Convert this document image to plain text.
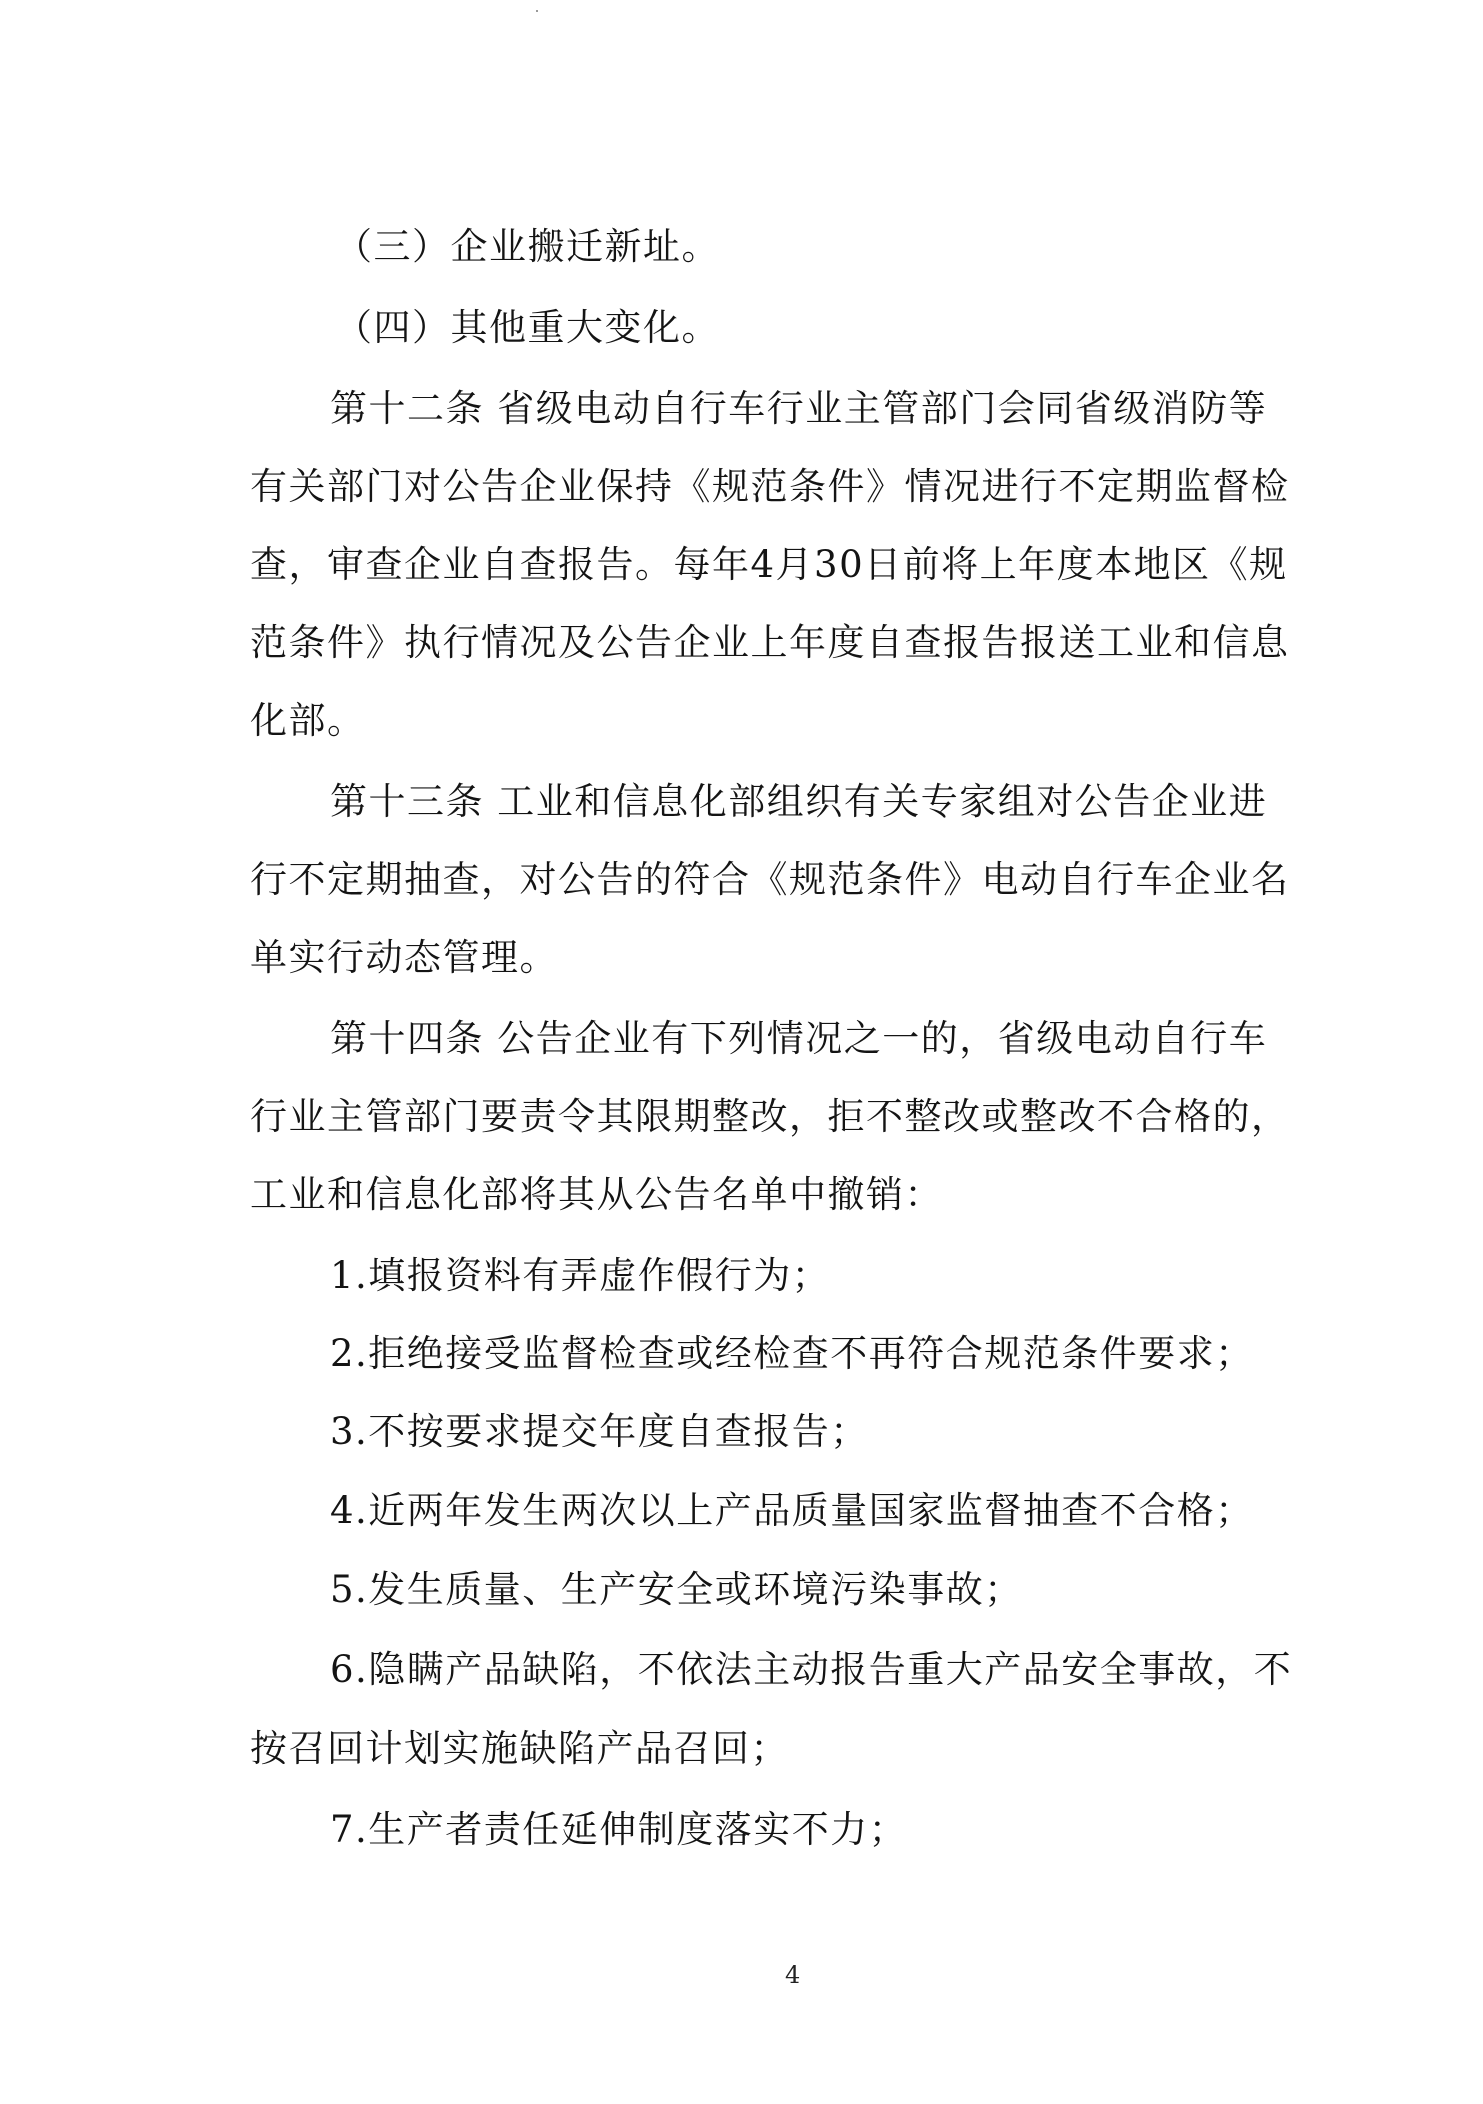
（三）企业搬迁新址。
（四）其他重大变化。
第十二条 省级电动自行车行业主管部门会同省级消防等
有关部门对公告企业保持《规范条件》情况进行不定期监督检
查，审查企业自查报告。每年4月30日前将上年度本地区《规
范条件》执行情况及公告企业上年度自查报告报送工业和信息
化部。
第十三条 工业和信息化部组织有关专家组对公告企业进
行不定期抽查，对公告的符合《规范条件》电动自行车企业名
单实行动态管理。
第十四条 公告企业有下列情况之一的，省级电动自行车
行业主管部门要责令其限期整改，拒不整改或整改不合格的，
工业和信息化部将其从公告名单中撤销：
1.填报资料有弄虚作假行为；
2.拒绝接受监督检查或经检查不再符合规范条件要求；
3.不按要求提交年度自查报告；
4.近两年发生两次以上产品质量国家监督抽查不合格；
5.发生质量、生产安全或环境污染事故；
6.隐瞒产品缺陷，不依法主动报告重大产品安全事故，不
按召回计划实施缺陷产品召回；
7.生产者责任延伸制度落实不力；
4
